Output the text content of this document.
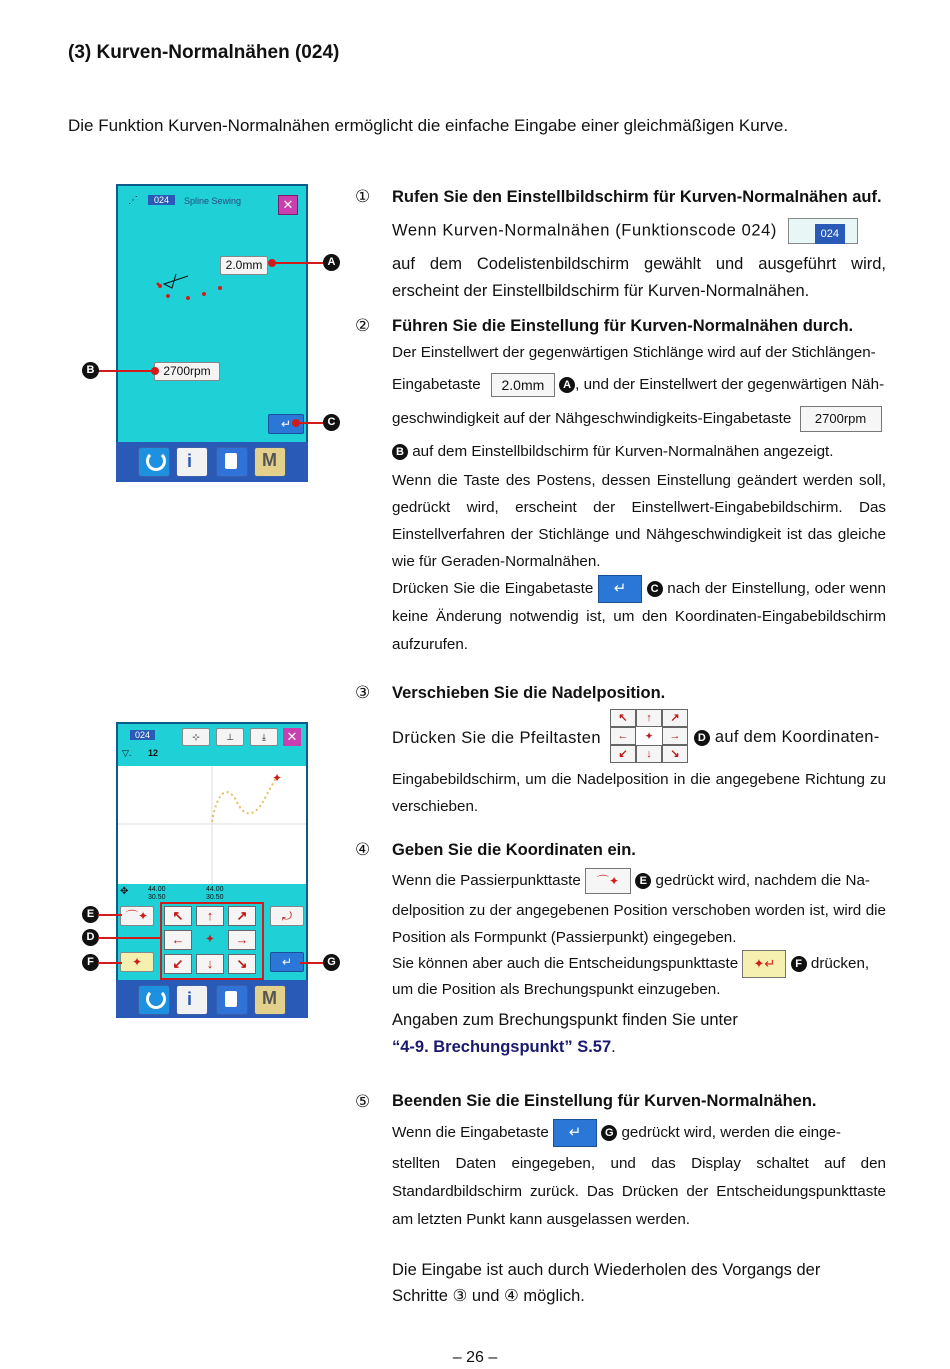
(3) Kurven-Normalnähen (024)
Die Funktion Kurven-Normalnähen ermöglicht die einfache Eingabe einer gleichmäßigen Kurve.
⋰	024	Spline Sewing	✕
2.0mm
2700rpm
↵
i	M
A
B
C
024
▽. 12
⊹	⊥	⤓	✕
✦
✥	44.00
30.50
44.00
30.50
⌒✦
✦
⤾
↵
↖	↑	↗
←	✦	→
↙	↓	↘
i	M
E
D
F	G
① Rufen Sie den Einstellbildschirm für Kurven-Normalnähen auf.
Wenn Kurven-Normalnähen (Funktionscode 024)	024
auf dem Codelistenbildschirm gewählt und ausgeführt wird, erscheint der Einstellbildschirm für Kurven-Normalnähen.
② Führen Sie die Einstellung für Kurven-Normalnähen durch.
Der Einstellwert der gegenwärtigen Stichlänge wird auf der Stichlängen-
Eingabetaste 2.0mm A , und der Einstellwert der gegenwärtigen Näh-
geschwindigkeit auf der Nähgeschwindigkeits-Eingabetaste 2700rpm
B auf dem Einstellbildschirm für Kurven-Normalnähen angezeigt.
Wenn die Taste des Postens, dessen Einstellung geändert werden soll, gedrückt wird, erscheint der Einstellwert-Eingabebildschirm. Das Einstellverfahren der Stichlänge und Nähgeschwindigkeit ist das gleiche wie für Geraden-Normalnähen.
Drücken Sie die Eingabetaste ↵ C nach der Einstellung, oder wenn keine Änderung notwendig ist, um den Koordinaten-Eingabebildschirm aufzurufen.
③ Verschieben Sie die Nadelposition.
Drücken Sie die Pfeiltasten
↖	↑	↗
←	✦	→
↙	↓	↘
D auf dem Koordinaten-
Eingabebildschirm, um die Nadelposition in die angegebene Richtung zu verschieben.
④ Geben Sie die Koordinaten ein.
Wenn die Passierpunkttaste ⌒✦ E gedrückt wird, nachdem die Na-
delposition zu der angegebenen Position verschoben worden ist, wird die Position als Formpunkt (Passierpunkt) eingegeben.
Sie können aber auch die Entscheidungspunkttaste ✦↵ F drücken,
um die Position als Brechungspunkt einzugeben.
Angaben zum Brechungspunkt finden Sie unter
“4-9. Brechungspunkt” S.57.
⑤ Beenden Sie die Einstellung für Kurven-Normalnähen.
Wenn die Eingabetaste ↵ G gedrückt wird, werden die einge-
stellten Daten eingegeben, und das Display schaltet auf den Standardbildschirm zurück. Das Drücken der Entscheidungspunkttaste am letzten Punkt kann ausgelassen werden.
Die Eingabe ist auch durch Wiederholen des Vorgangs der Schritte ③ und ④ möglich.
– 26 –
